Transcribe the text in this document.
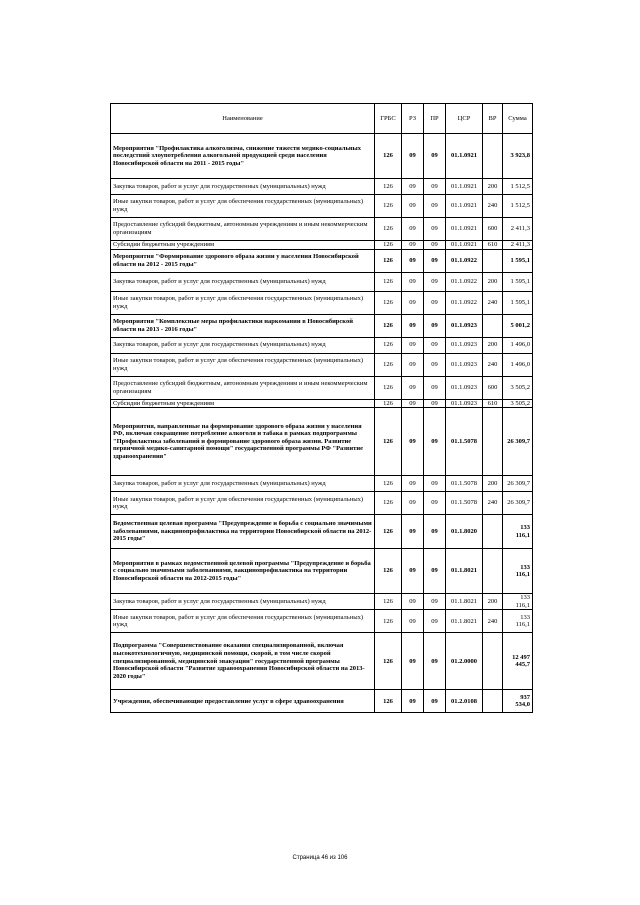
Наименование	ГРБС	РЗ	ПР	ЦСР	ВР	Сумма
Мероприятия "Профилактика алкоголизма, снижение тяжести медико-социальных последствий злоупотребления алкогольной продукцией среди населения Новосибирской области на 2011 - 2015 годы"	126	09	09	01.1.0921		3 923,8
Закупка товаров, работ и услуг для государственных (муниципальных) нужд	126	09	09	01.1.0921	200	1 512,5
Иные закупки товаров, работ и услуг для обеспечения государственных (муниципальных) нужд	126	09	09	01.1.0921	240	1 512,5
Предоставление субсидий бюджетным, автономным учреждениям и иным некоммерческим организациям	126	09	09	01.1.0921	600	2 411,3
Субсидии бюджетным учреждениям	126	09	09	01.1.0921	610	2 411,3
Мероприятия "Формирование здорового образа жизни у населения Новосибирской области на 2012 - 2015 годы"	126	09	09	01.1.0922		1 595,1
Закупка товаров, работ и услуг для государственных (муниципальных) нужд	126	09	09	01.1.0922	200	1 595,1
Иные закупки товаров, работ и услуг для обеспечения государственных (муниципальных) нужд	126	09	09	01.1.0922	240	1 595,1
Мероприятия "Комплексные меры профилактики наркомании в Новосибирской области на 2013 - 2016 годы"	126	09	09	01.1.0923		5 001,2
Закупка товаров, работ и услуг для государственных (муниципальных) нужд	126	09	09	01.1.0923	200	1 496,0
Иные закупки товаров, работ и услуг для обеспечения государственных (муниципальных) нужд	126	09	09	01.1.0923	240	1 496,0
Предоставление субсидий бюджетным, автономным учреждениям и иным некоммерческим организациям	126	09	09	01.1.0923	600	3 505,2
Субсидии бюджетным учреждениям	126	09	09	01.1.0923	610	3 505,2
Мероприятия, направленные на формирование здорового образа жизни у населения РФ, включая сокращение потребление алкоголя и табака в рамках подпрограммы "Профилактика заболеваний и формирование здорового образа жизни. Развитие первичной медико-санитарной помощи" государственной программы РФ "Развитие здравоохранения"	126	09	09	01.1.5078		26 309,7
Закупка товаров, работ и услуг для государственных (муниципальных) нужд	126	09	09	01.1.5078	200	26 309,7
Иные закупки товаров, работ и услуг для обеспечения государственных (муниципальных) нужд	126	09	09	01.1.5078	240	26 309,7
Ведомственная целевая программа "Предупреждение и борьба с социально значимыми заболеваниями, вакцинопрофилактика на территории Новосибирской области на 2012-2015 годы"	126	09	09	01.1.8020		133 116,1
Мероприятия в рамках ведомственной целевой программы "Предупреждение и борьба с социально значимыми заболеваниями, вакцинопрофилактика на территории Новосибирской области на 2012-2015 годы"	126	09	09	01.1.8021		133 116,1
Закупка товаров, работ и услуг для государственных (муниципальных) нужд	126	09	09	01.1.8021	200	133 116,1
Иные закупки товаров, работ и услуг для обеспечения государственных (муниципальных) нужд	126	09	09	01.1.8021	240	133 116,1
Подпрограмма "Совершенствование оказания специализированной, включая высокотехнологичную, медицинской помощи, скорой, в том числе скорой специализированной, медицинской эвакуации" государственной программы Новосибирской области "Развитие здравоохранения Новосибирской области на 2013-2020 годы"	126	09	09	01.2.0000		12 497 445,7
Учреждения, обеспечивающие предоставление услуг в сфере здравоохранения	126	09	09	01.2.0108		937 534,0
Страница 46 из 106
